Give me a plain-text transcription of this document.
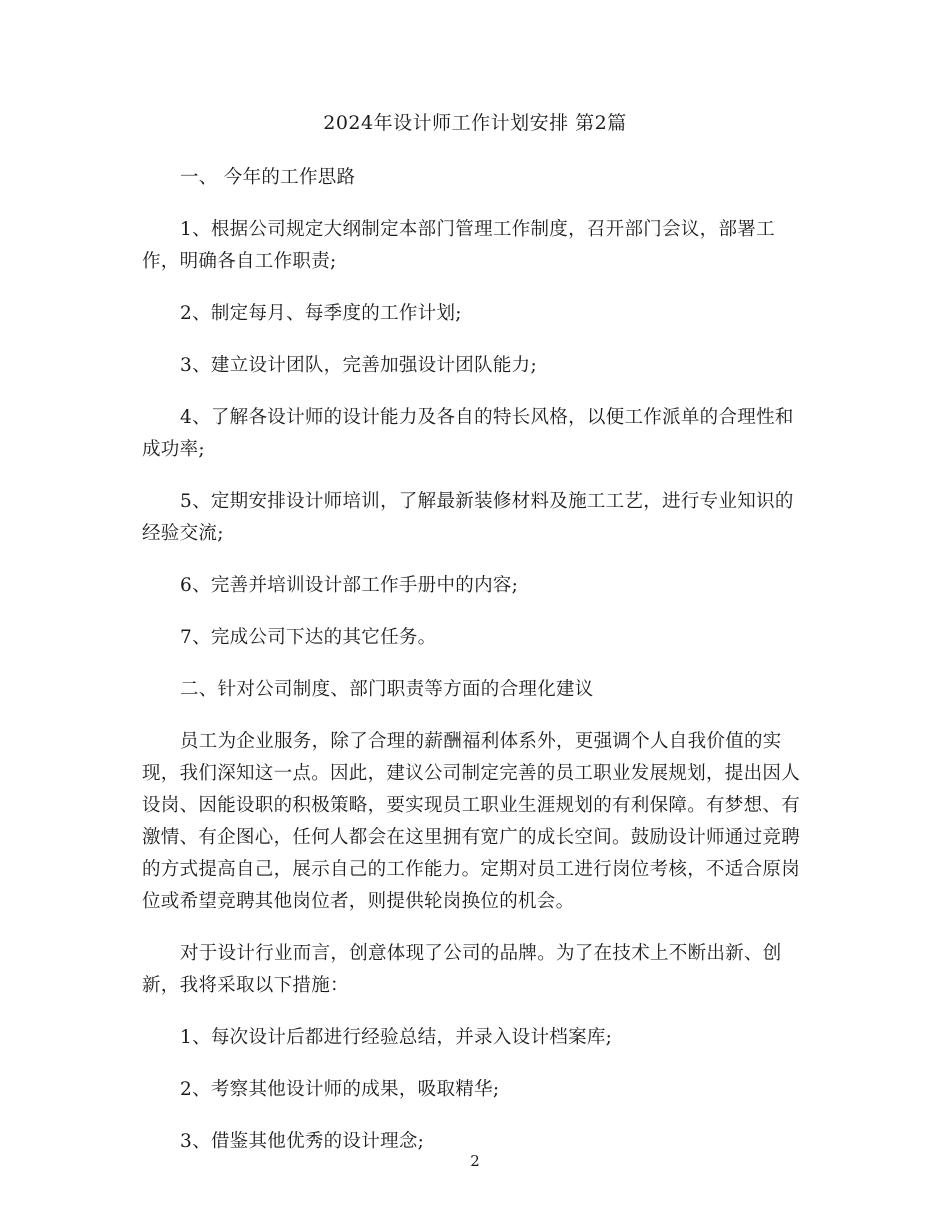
2024年设计师工作计划安排 第2篇

一、 今年的工作思路

1、根据公司规定大纲制定本部门管理工作制度，召开部门会议，部署工作，明确各自工作职责;

2、制定每月、每季度的工作计划;

3、建立设计团队，完善加强设计团队能力;

4、了解各设计师的设计能力及各自的特长风格，以便工作派单的合理性和成功率;

5、定期安排设计师培训，了解最新装修材料及施工工艺，进行专业知识的经验交流;

6、完善并培训设计部工作手册中的内容;

7、完成公司下达的其它任务。

二、针对公司制度、部门职责等方面的合理化建议

员工为企业服务，除了合理的薪酬福利体系外，更强调个人自我价值的实现，我们深知这一点。因此，建议公司制定完善的员工职业发展规划，提出因人设岗、因能设职的积极策略，要实现员工职业生涯规划的有利保障。有梦想、有激情、有企图心，任何人都会在这里拥有宽广的成长空间。鼓励设计师通过竞聘的方式提高自己，展示自己的工作能力。定期对员工进行岗位考核，不适合原岗位或希望竞聘其他岗位者，则提供轮岗换位的机会。

对于设计行业而言，创意体现了公司的品牌。为了在技术上不断出新、创新，我将采取以下措施：

1、每次设计后都进行经验总结，并录入设计档案库;

2、考察其他设计师的成果，吸取精华;

3、借鉴其他优秀的设计理念;

2
